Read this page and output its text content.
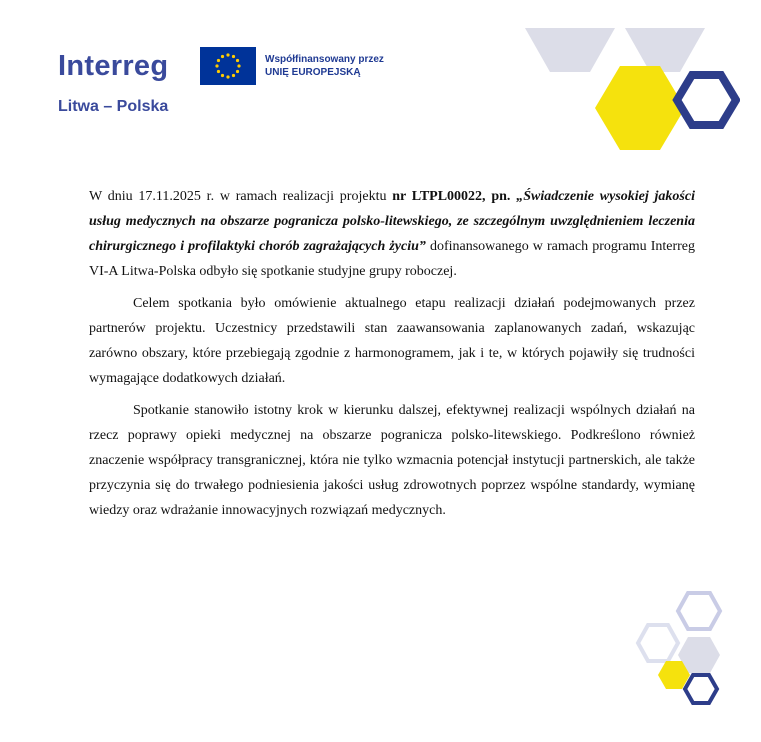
Interreg
Litwa – Polska
Współfinansowany przez
UNIĘ EUROPEJSKĄ

W dniu 17.11.2025 r. w ramach realizacji projektu nr LTPL00022, pn. „Świadczenie wysokiej jakości usług medycznych na obszarze pogranicza polsko-litewskiego, ze szczególnym uwzględnieniem leczenia chirurgicznego i profilaktyki chorób zagrażających życiu” dofinansowanego w ramach programu Interreg VI-A Litwa-Polska odbyło się spotkanie studyjne grupy roboczej.

Celem spotkania było omówienie aktualnego etapu realizacji działań podejmowanych przez partnerów projektu. Uczestnicy przedstawili stan zaawansowania zaplanowanych zadań, wskazując zarówno obszary, które przebiegają zgodnie z harmonogramem, jak i te, w których pojawiły się trudności wymagające dodatkowych działań.

Spotkanie stanowiło istotny krok w kierunku dalszej, efektywnej realizacji wspólnych działań na rzecz poprawy opieki medycznej na obszarze pogranicza polsko-litewskiego. Podkreślono również znaczenie współpracy transgranicznej, która nie tylko wzmacnia potencjał instytucji partnerskich, ale także przyczynia się do trwałego podniesienia jakości usług zdrowotnych poprzez wspólne standardy, wymianę wiedzy oraz wdrażanie innowacyjnych rozwiązań medycznych.
